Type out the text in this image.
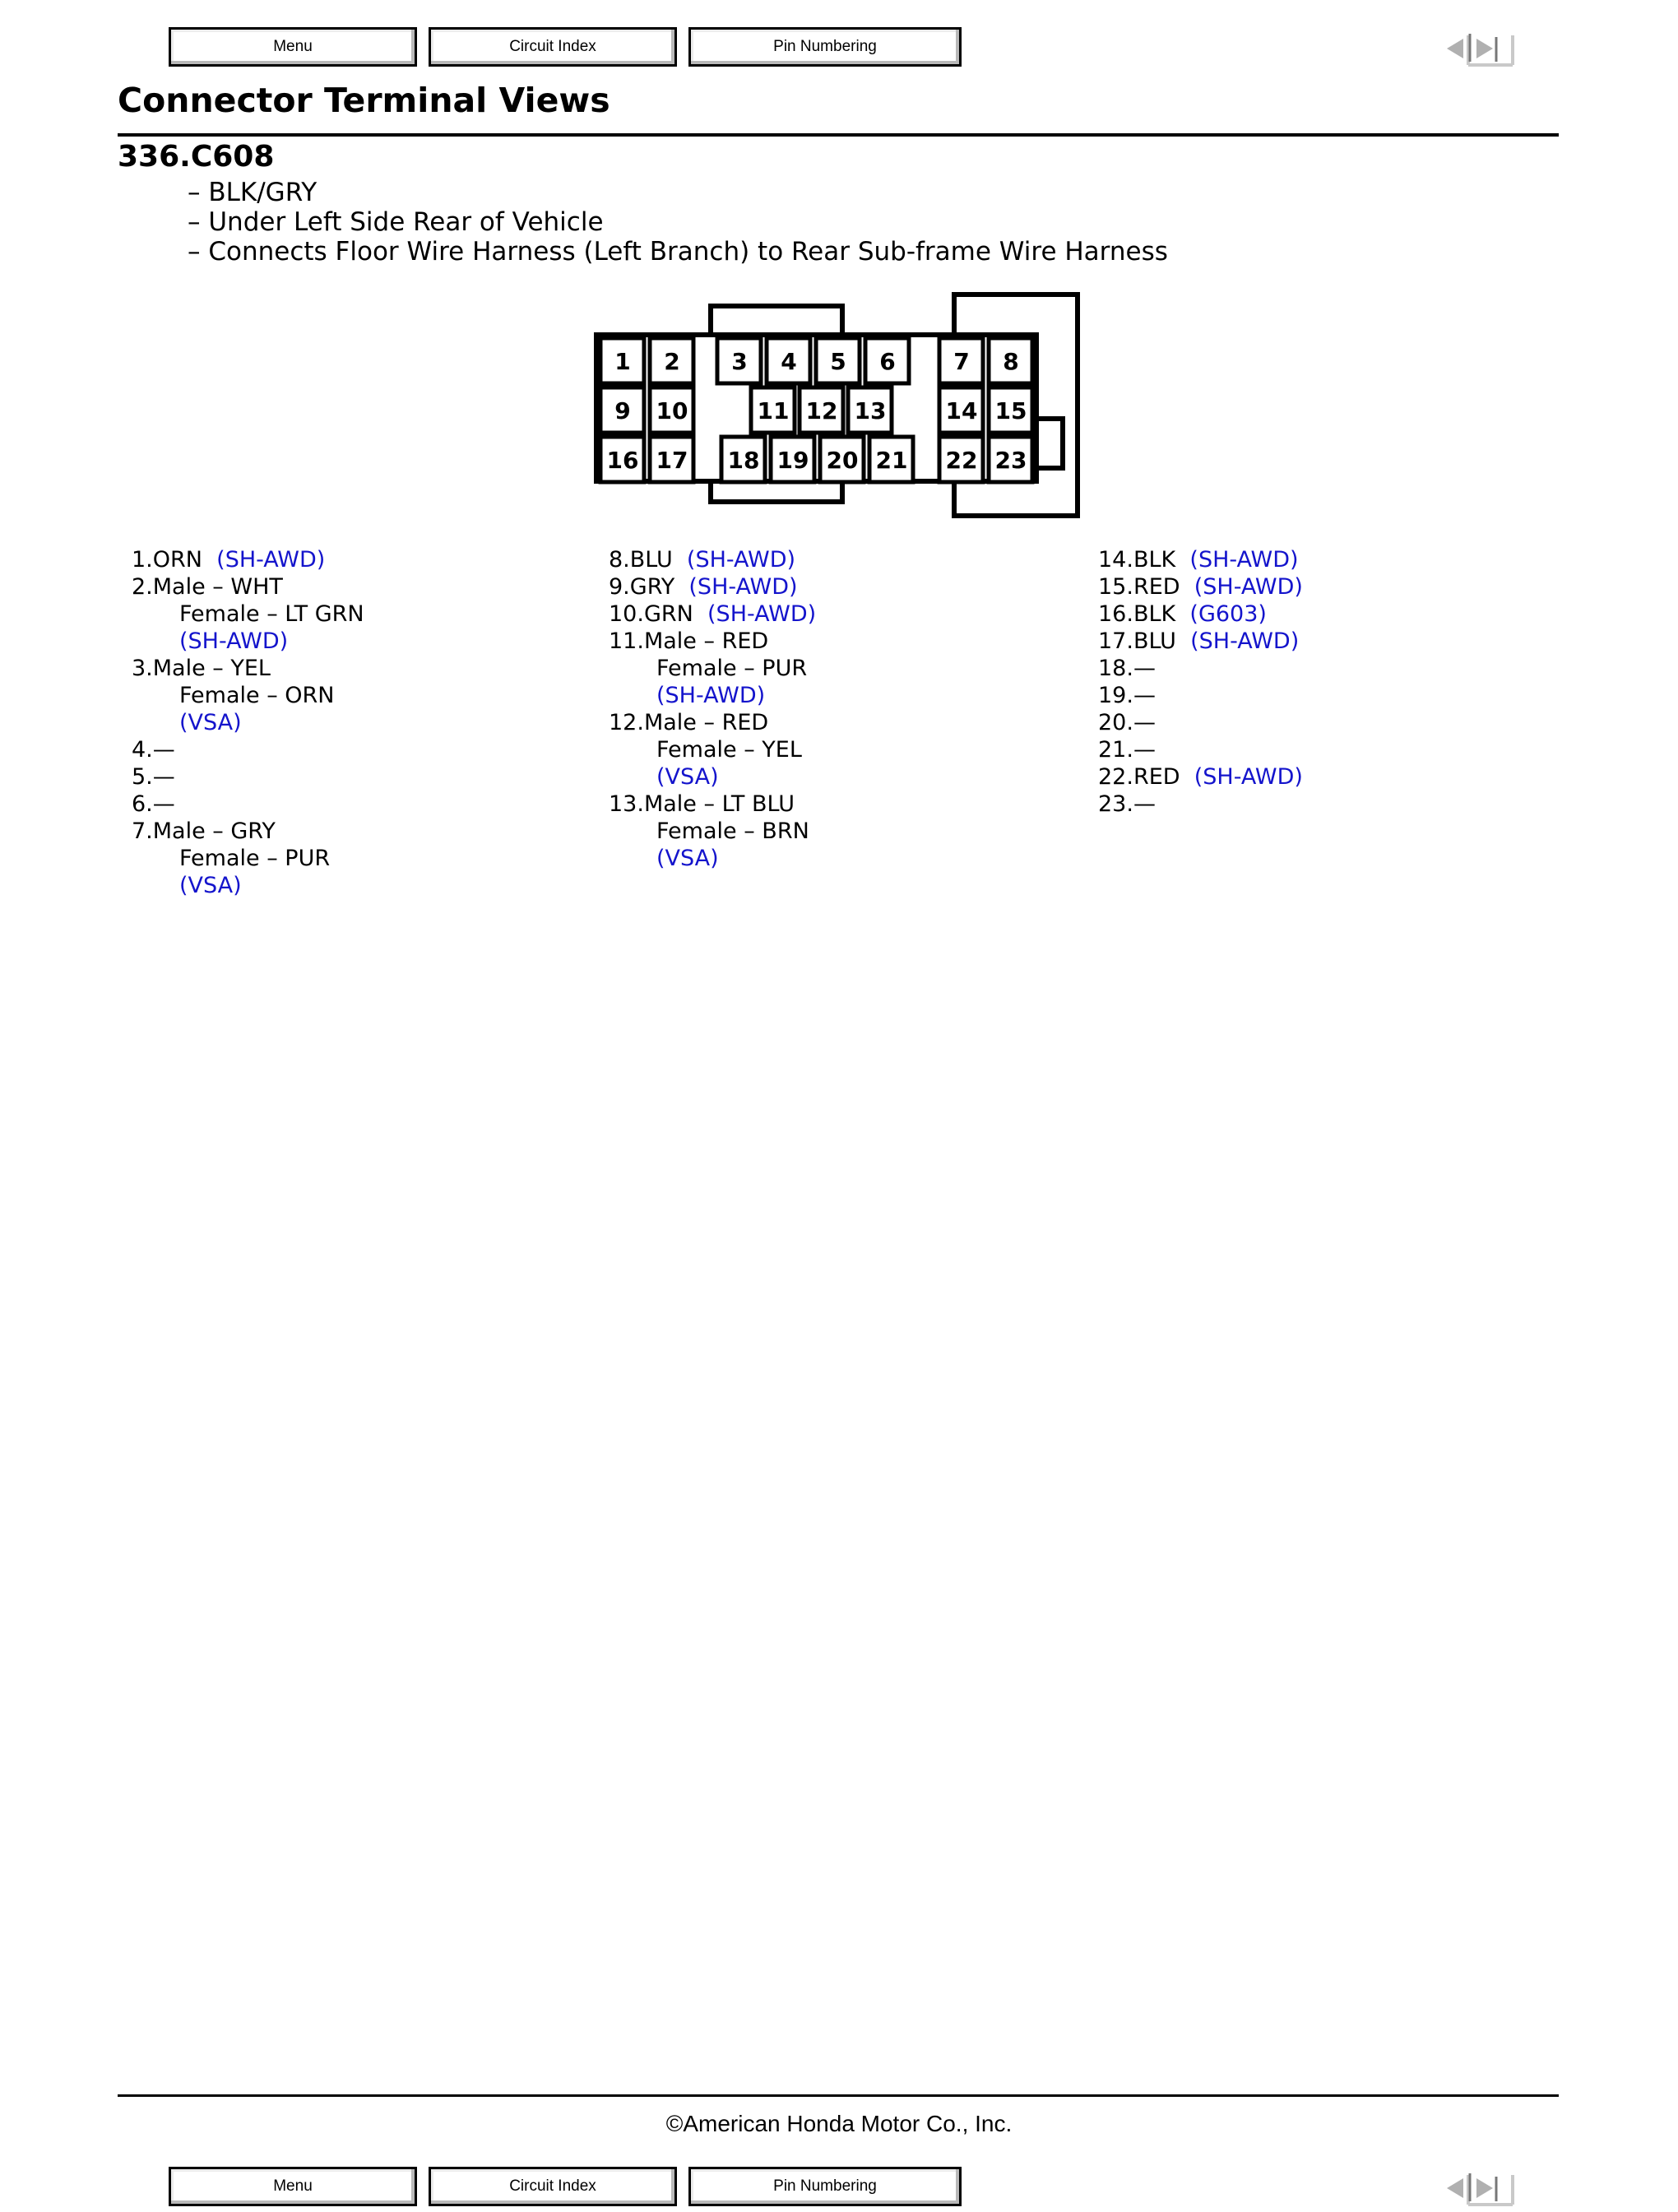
Menu	Circuit Index	Pin Numbering
Connector Terminal Views
336.C608
– BLK/GRY
– Under Left Side Rear of Vehicle
– Connects Floor Wire Harness (Left Branch) to Rear Sub-frame Wire Harness
1 2 3 4 5 6	7 8
9 10	11 12 13	14 15
16 17 18 19 20 21 22 23
1.ORN (SH-AWD)
2.Male – WHT
Female – LT GRN
(SH-AWD)
3.Male – YEL
Female – ORN
(VSA)
4.—
5.—
6.—
7.Male – GRY
Female – PUR
(VSA)
8.BLU (SH-AWD)
9.GRY (SH-AWD)
10.GRN (SH-AWD)
11.Male – RED
Female – PUR
(SH-AWD)
12.Male – RED
Female – YEL
(VSA)
13.Male – LT BLU
Female – BRN
(VSA)
14.BLK (SH-AWD)
15.RED (SH-AWD)
16.BLK (G603)
17.BLU (SH-AWD)
18.—
19.—
20.—
21.—
22.RED (SH-AWD)
23.—
©American Honda Motor Co., Inc.
Menu	Circuit Index	Pin Numbering
